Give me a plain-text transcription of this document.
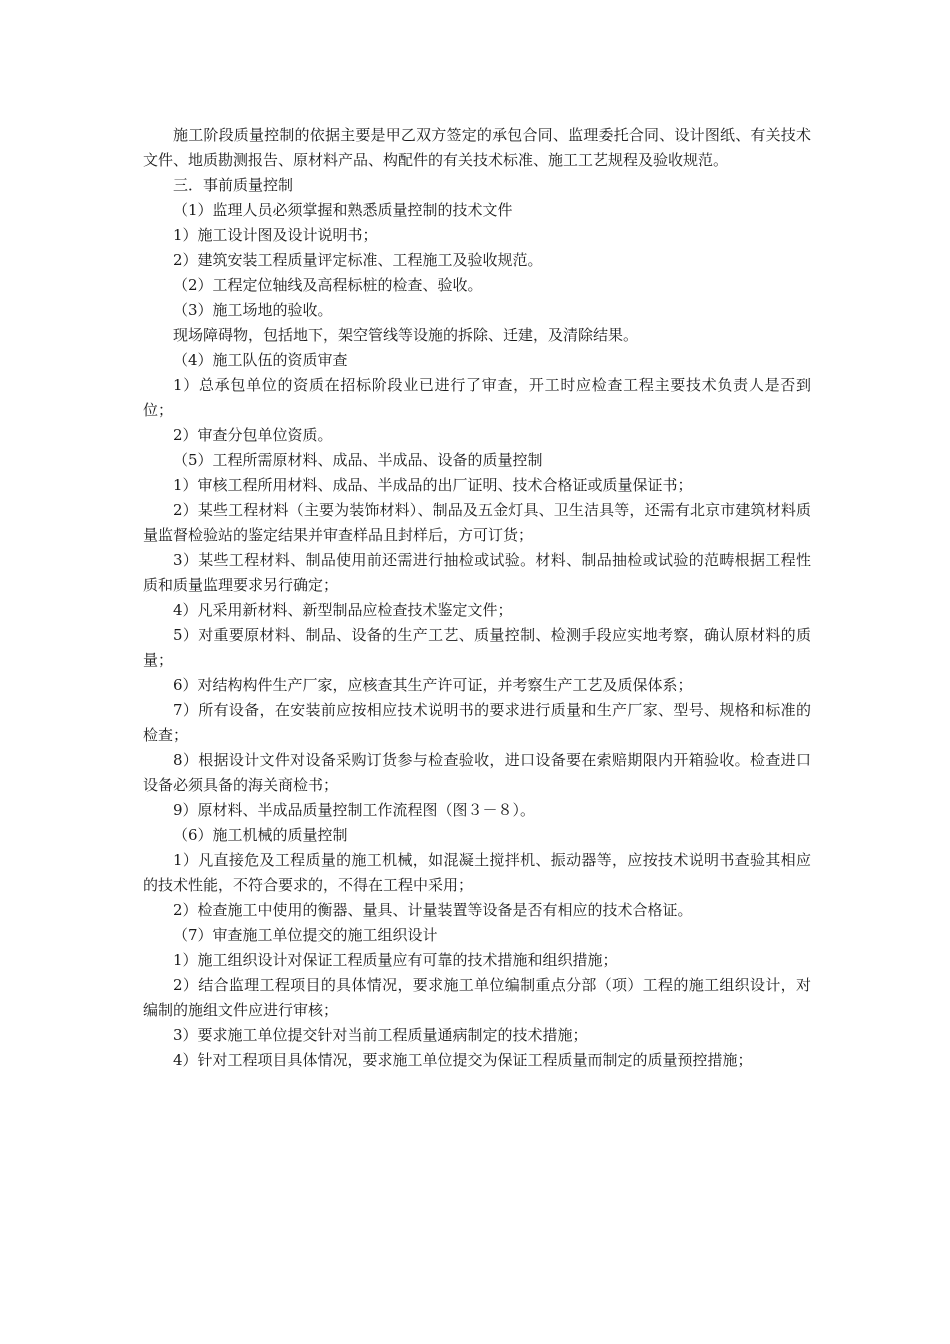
施工阶段质量控制的依据主要是甲乙双方签定的承包合同、监理委托合同、设计图纸、有关技术文件、地质勘测报告、原材料产品、构配件的有关技术标准、施工工艺规程及验收规范。

三．事前质量控制

（1）监理人员必须掌握和熟悉质量控制的技术文件

1）施工设计图及设计说明书；

2）建筑安装工程质量评定标准、工程施工及验收规范。

（2）工程定位轴线及高程标桩的检查、验收。

（3）施工场地的验收。

现场障碍物，包括地下，架空管线等设施的拆除、迁建，及清除结果。

（4）施工队伍的资质审查

1）总承包单位的资质在招标阶段业已进行了审查，开工时应检查工程主要技术负责人是否到位；

2）审查分包单位资质。

（5）工程所需原材料、成品、半成品、设备的质量控制

1）审核工程所用材料、成品、半成品的出厂证明、技术合格证或质量保证书；

2）某些工程材料（主要为装饰材料）、制品及五金灯具、卫生洁具等，还需有北京市建筑材料质量监督检验站的鉴定结果并审查样品且封样后，方可订货；

3）某些工程材料、制品使用前还需进行抽检或试验。材料、制品抽检或试验的范畴根据工程性质和质量监理要求另行确定；

4）凡采用新材料、新型制品应检查技术鉴定文件；

5）对重要原材料、制品、设备的生产工艺、质量控制、检测手段应实地考察，确认原材料的质量；

6）对结构构件生产厂家，应核查其生产许可证，并考察生产工艺及质保体系；

7）所有设备，在安装前应按相应技术说明书的要求进行质量和生产厂家、型号、规格和标准的检查；

8）根据设计文件对设备采购订货参与检查验收，进口设备要在索赔期限内开箱验收。检查进口设备必须具备的海关商检书；

9）原材料、半成品质量控制工作流程图（图３－８）。

（6）施工机械的质量控制

1）凡直接危及工程质量的施工机械，如混凝土搅拌机、振动器等，应按技术说明书查验其相应的技术性能，不符合要求的，不得在工程中采用；

2）检查施工中使用的衡器、量具、计量装置等设备是否有相应的技术合格证。

（7）审查施工单位提交的施工组织设计

1）施工组织设计对保证工程质量应有可靠的技术措施和组织措施；

2）结合监理工程项目的具体情况，要求施工单位编制重点分部（项）工程的施工组织设计，对编制的施组文件应进行审核；

3）要求施工单位提交针对当前工程质量通病制定的技术措施；

4）针对工程项目具体情况，要求施工单位提交为保证工程质量而制定的质量预控措施；
